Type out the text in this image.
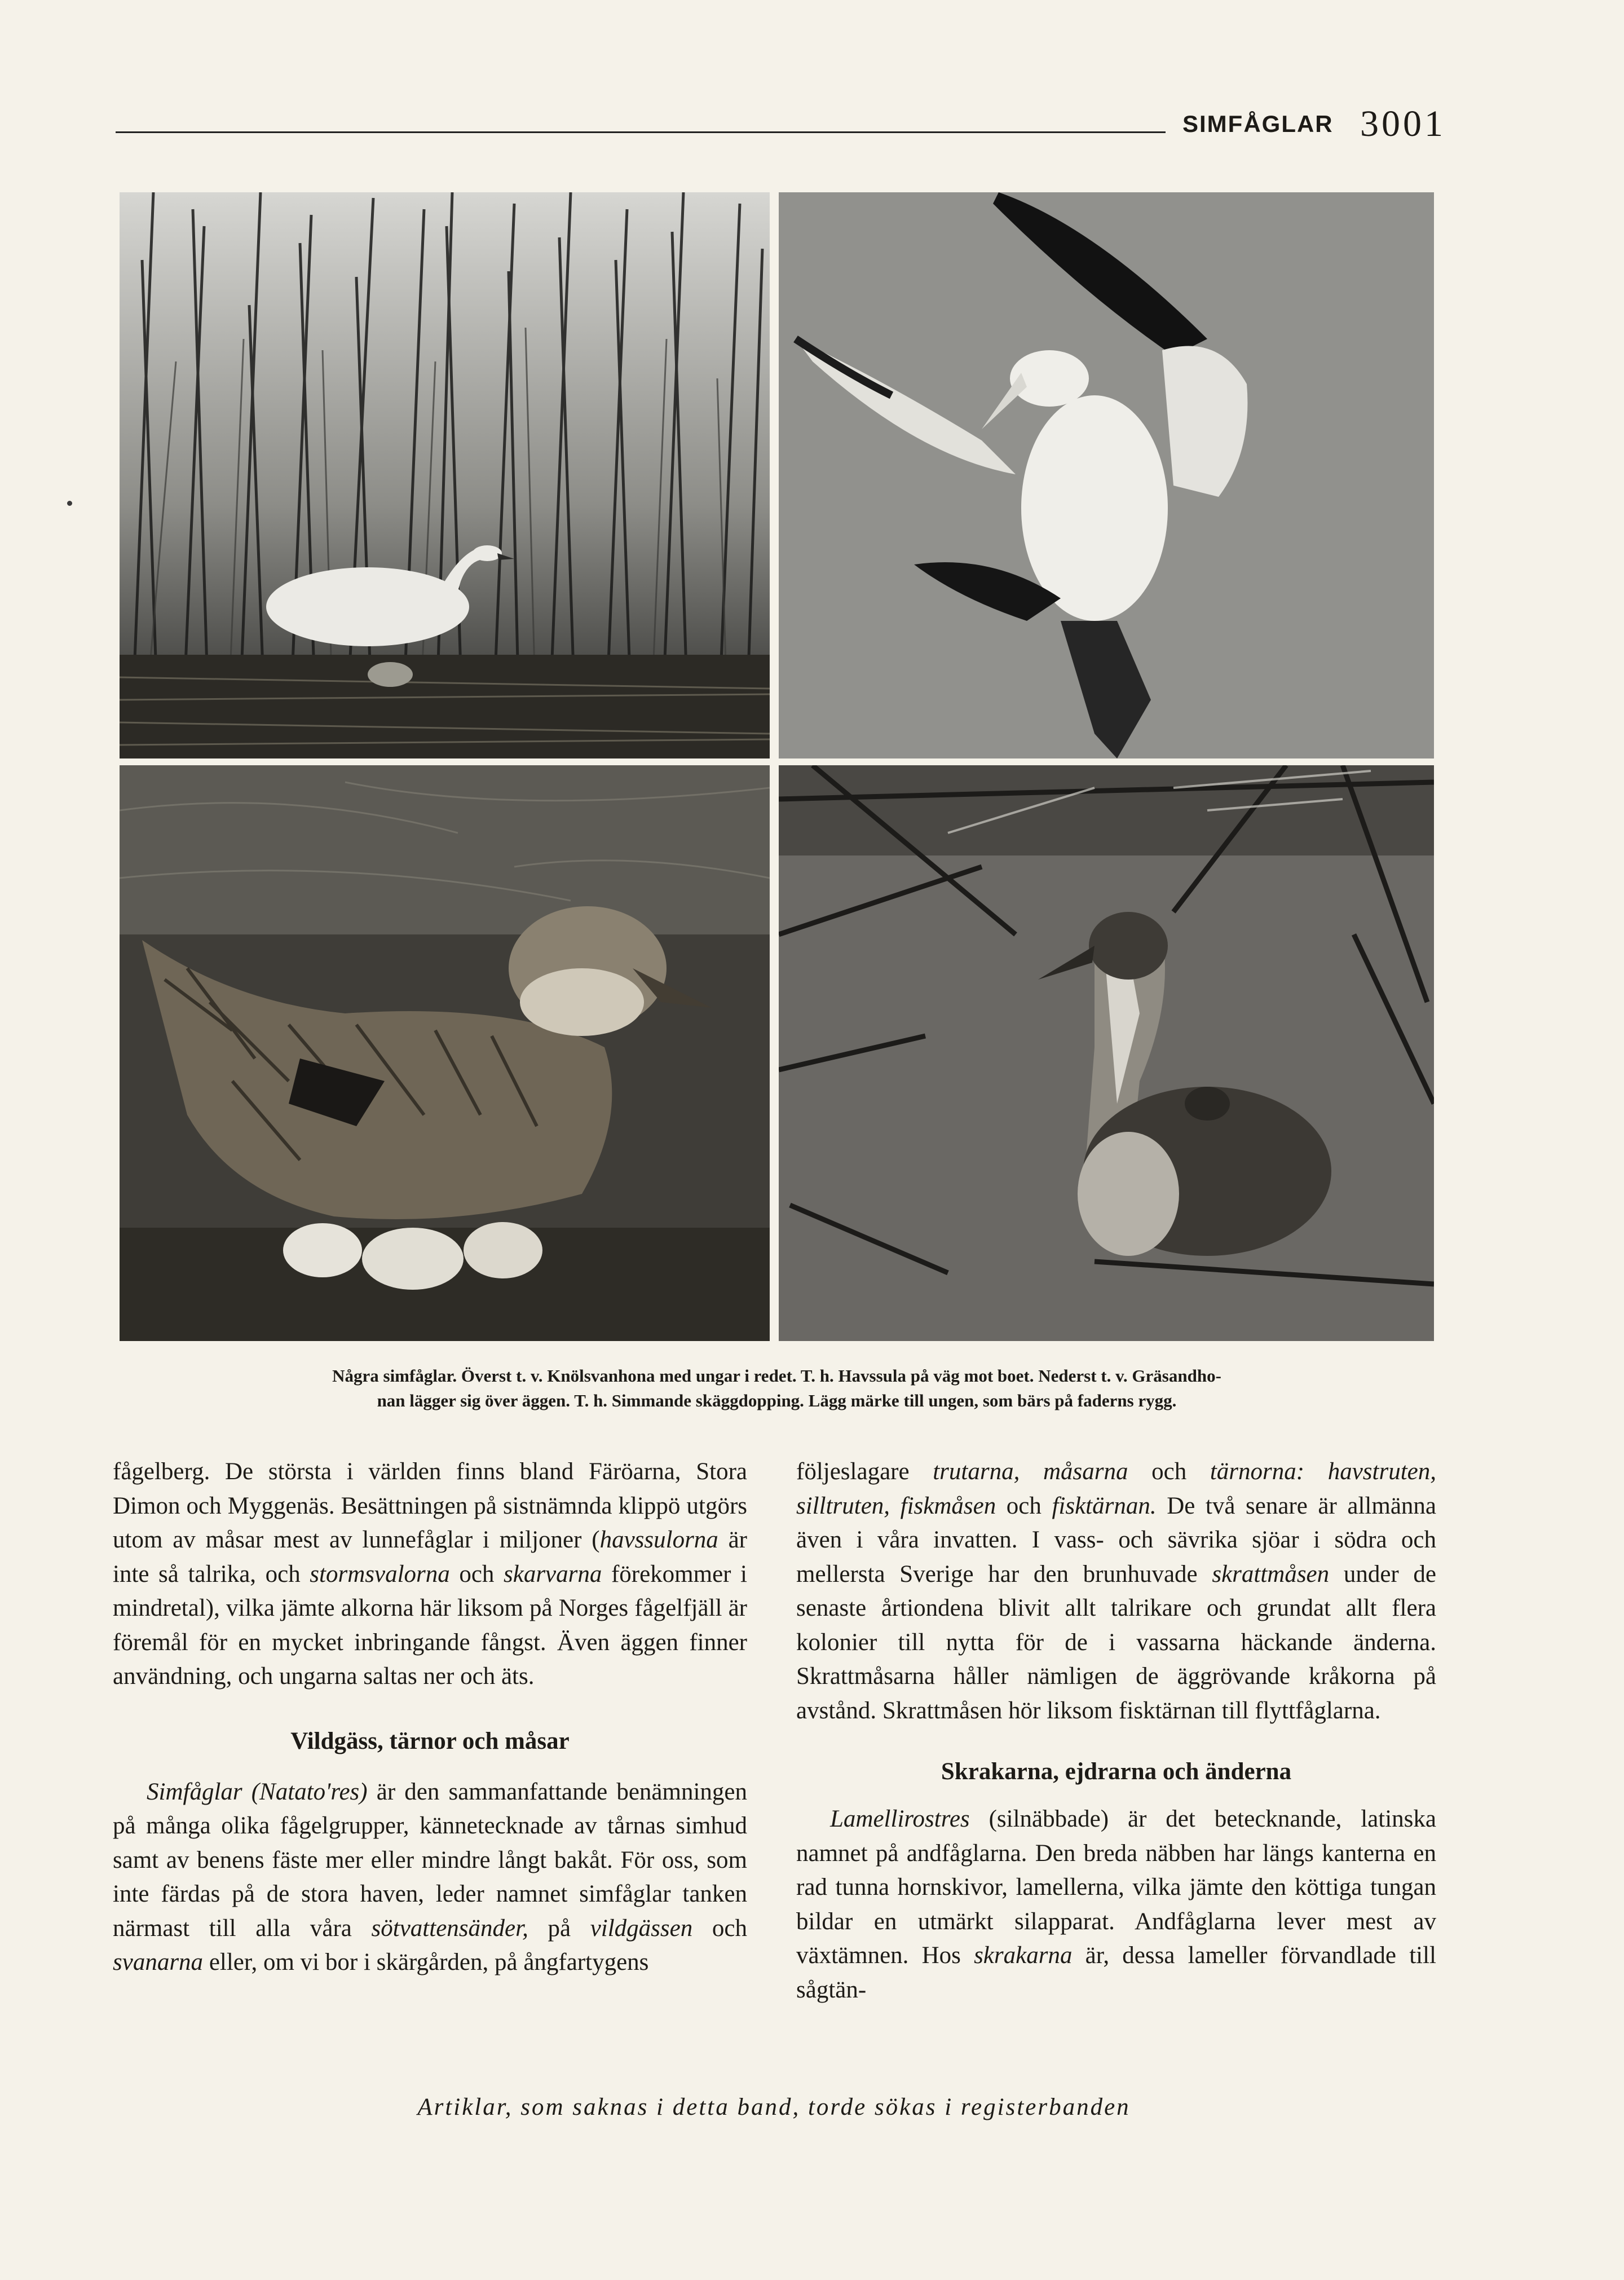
SIMFÅGLAR 3001
Några simfåglar. Överst t. v. Knölsvanhona med ungar i redet. T. h. Havssula på väg mot boet. Nederst t. v. Gräsandho-
nan lägger sig över äggen. T. h. Simmande skäggdopping. Lägg märke till ungen, som bärs på faderns rygg.

fågelberg. De största i världen finns bland Färöarna, Stora Dimon och Myggenäs. Besättningen på sistnämnda klippö utgörs utom av måsar mest av lunnefåglar i miljoner (havssulorna är inte så talrika, och stormsvalorna och skarvarna förekommer i mindretal), vilka jämte alkorna här liksom på Norges fågelfjäll är föremål för en mycket inbringande fångst. Även äggen finner användning, och ungarna saltas ner och äts.

Vildgäss, tärnor och måsar

Simfåglar (Natato'res) är den sammanfattande benämningen på många olika fågelgrupper, kännetecknade av tårnas simhud samt av benens fäste mer eller mindre långt bakåt. För oss, som inte färdas på de stora haven, leder namnet simfåglar tanken närmast till alla våra sötvattensänder, på vildgässen och svanarna eller, om vi bor i skärgården, på ångfartygens

följeslagare trutarna, måsarna och tärnorna: havstruten, silltruten, fiskmåsen och fisktärnan. De två senare är allmänna även i våra invatten. I vass- och sävrika sjöar i södra och mellersta Sverige har den brunhuvade skrattmåsen under de senaste årtiondena blivit allt talrikare och grundat allt flera kolonier till nytta för de i vassarna häckande änderna. Skrattmåsarna håller nämligen de äggrövande kråkorna på avstånd. Skrattmåsen hör liksom fisktärnan till flyttfåglarna.

Skrakarna, ejdrarna och änderna

Lamellirostres (silnäbbade) är det betecknande, latinska namnet på andfåglarna. Den breda näbben har längs kanterna en rad tunna hornskivor, lamellerna, vilka jämte den köttiga tungan bildar en utmärkt silapparat. Andfåglarna lever mest av växtämnen. Hos skrakarna är, dessa lameller förvandlade till sågtän-

Artiklar, som saknas i detta band, torde sökas i registerbanden
